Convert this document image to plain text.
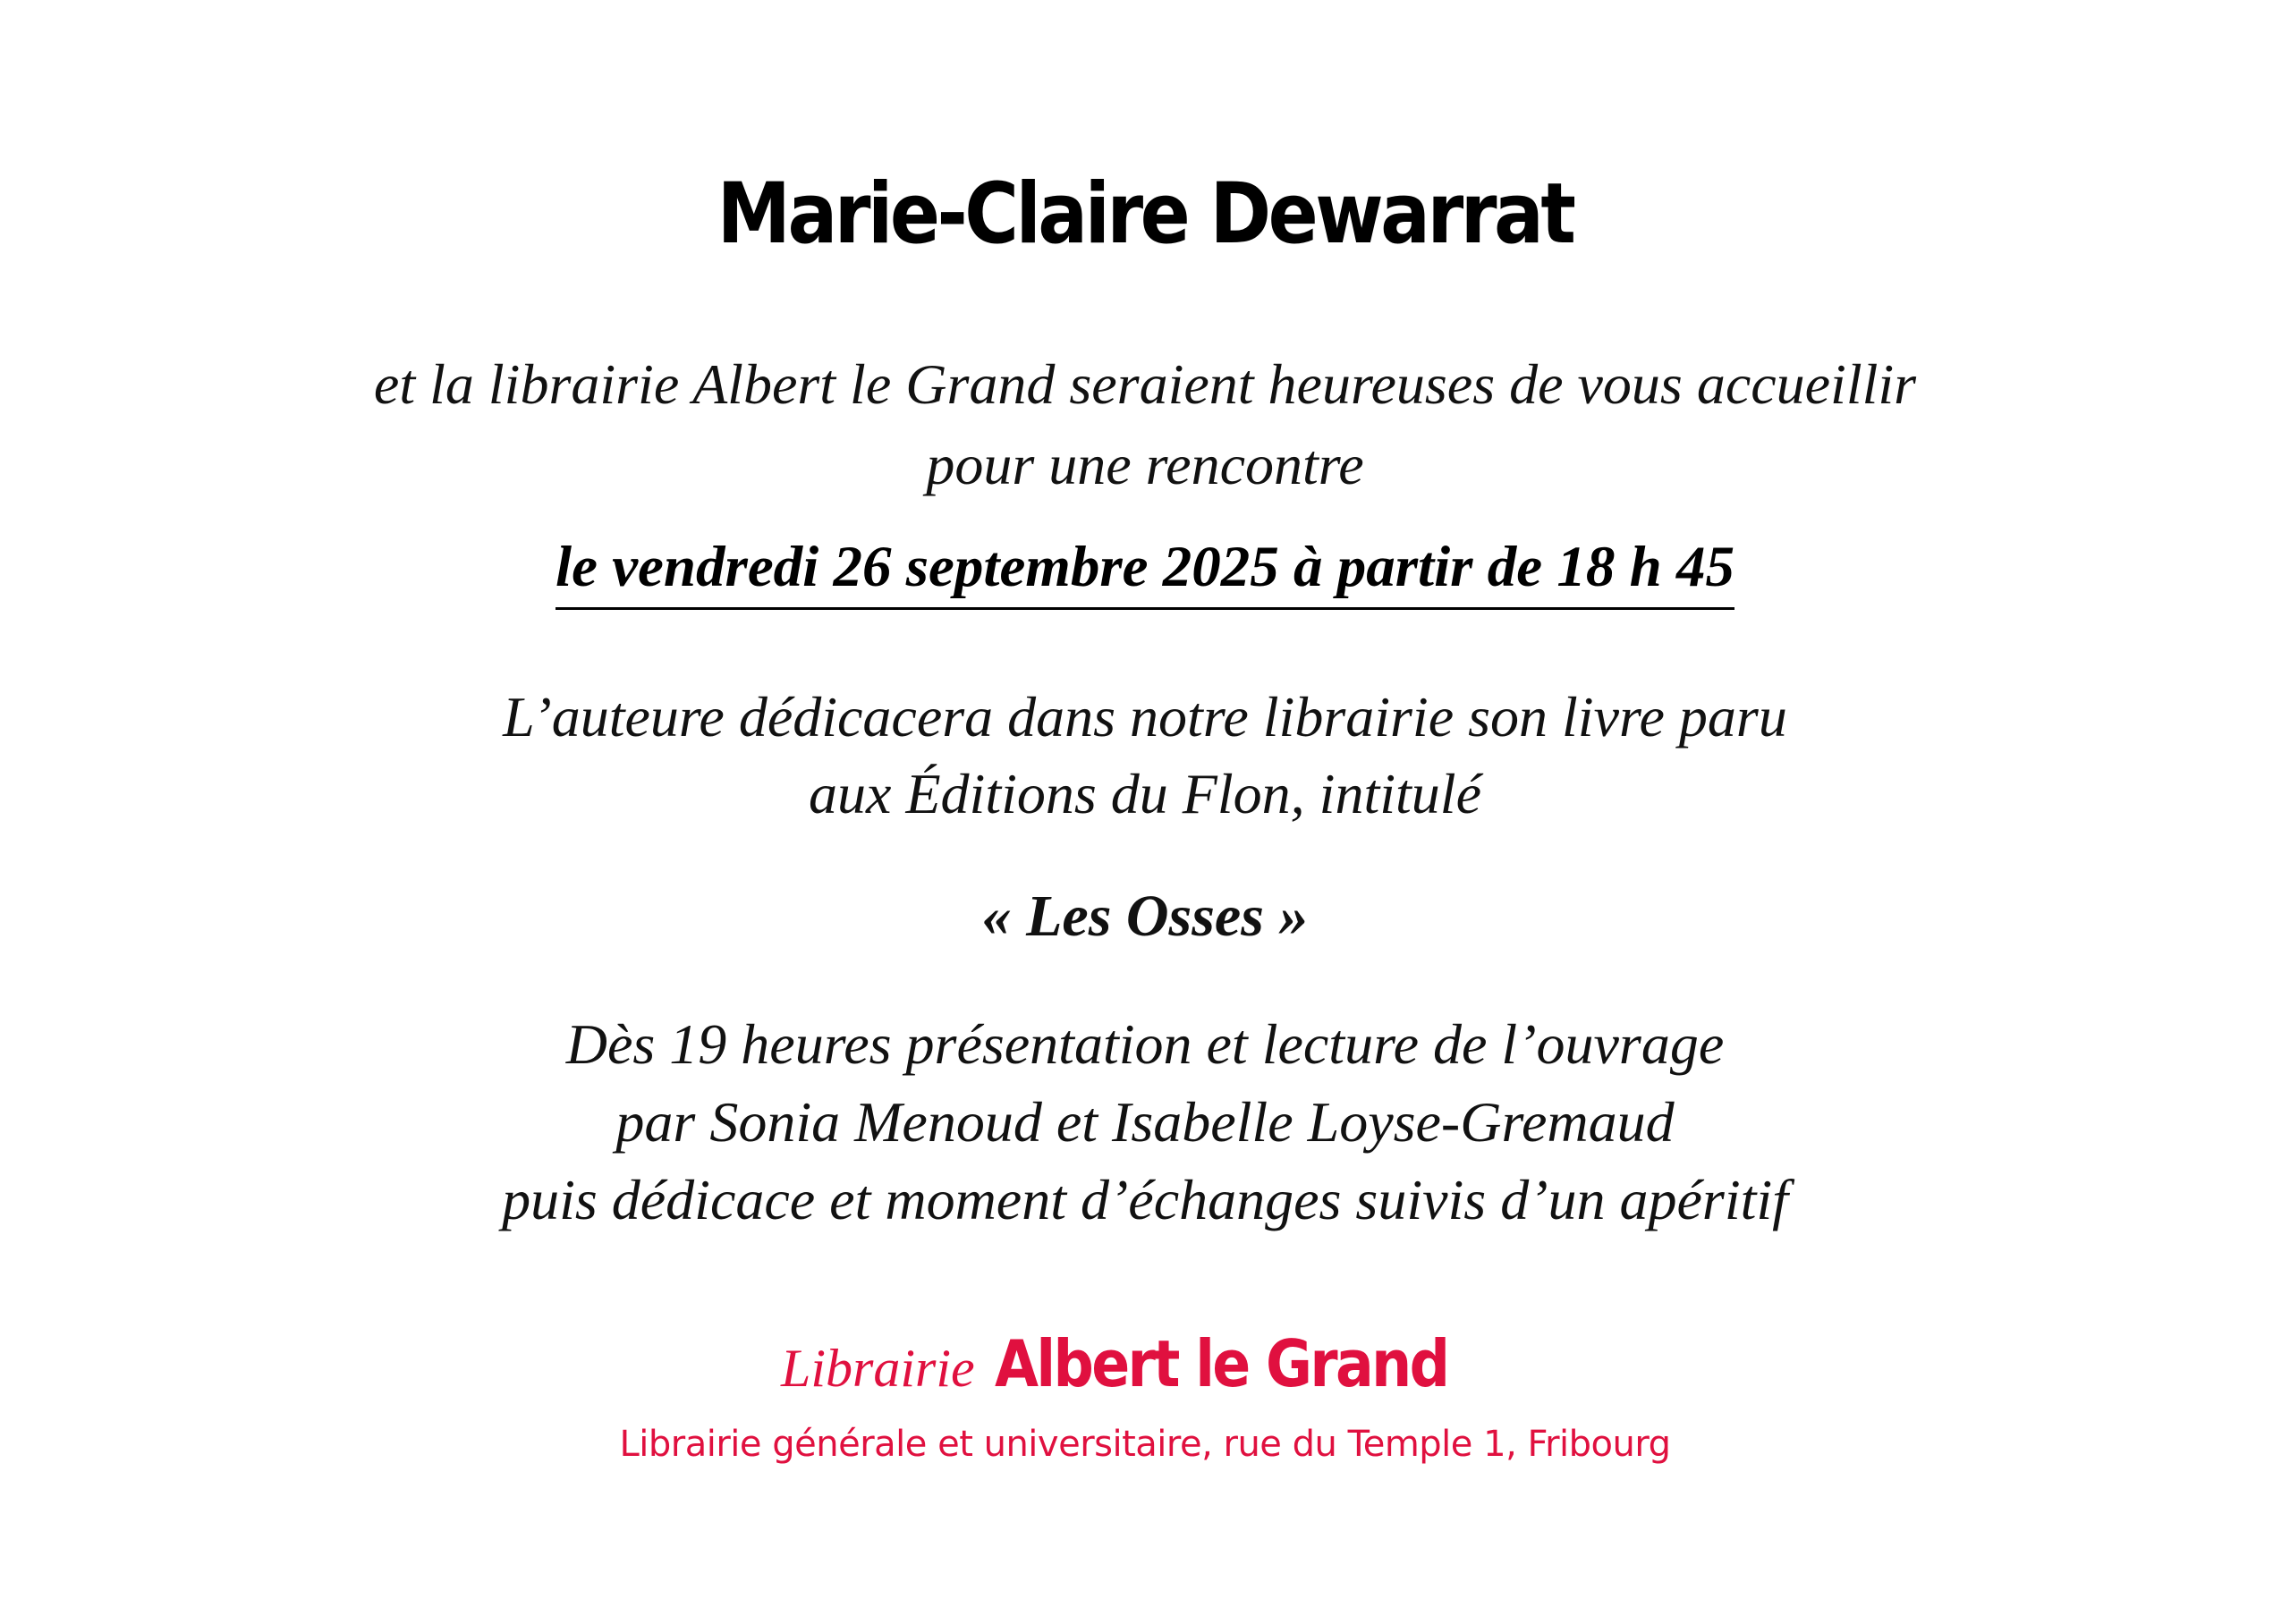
Marie-Claire Dewarrat

et la librairie Albert le Grand seraient heureuses de vous accueillir

pour une rencontre

le vendredi 26 septembre 2025 à partir de 18 h 45

L’auteure dédicacera dans notre librairie son livre paru

aux Éditions du Flon, intitulé

« Les Osses »

Dès 19 heures présentation et lecture de l’ouvrage

par Sonia Menoud et Isabelle Loyse-Gremaud

puis dédicace et moment d’échanges suivis d’un apéritif

Librairie Albert le Grand

Librairie générale et universitaire, rue du Temple 1, Fribourg
